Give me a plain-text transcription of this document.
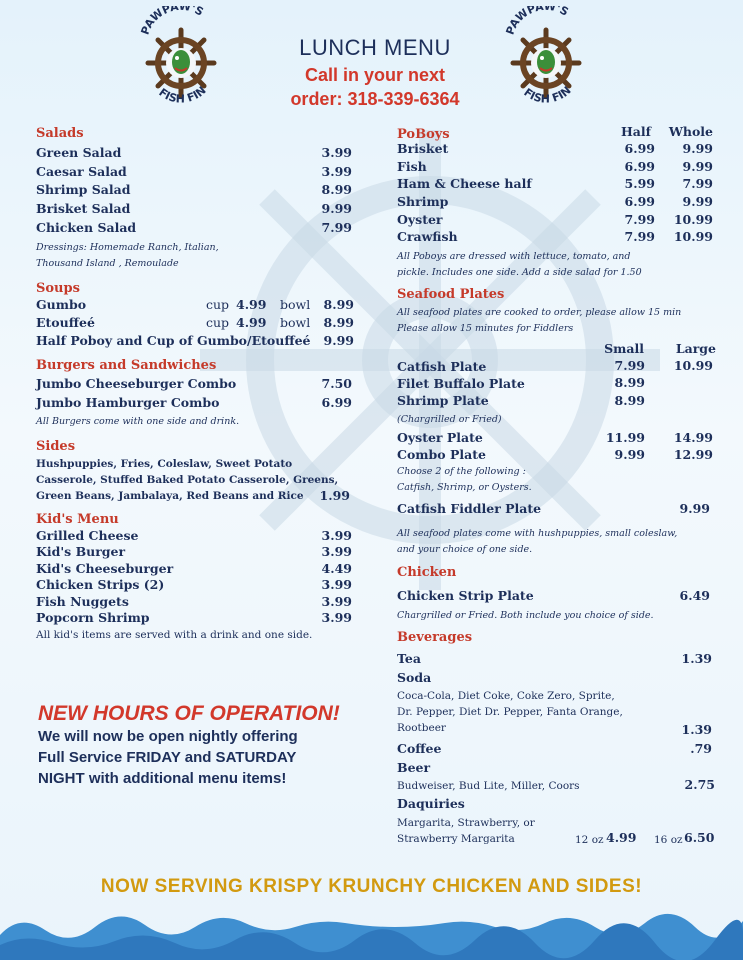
PAWPAW'S
FISH FIN
PAWPAW'S
FISH FIN
LUNCH MENU
Call in your next
order: 318-339-6364
Salads
Green Salad	3.99
Caesar Salad	3.99
Shrimp Salad	8.99
Brisket Salad	9.99
Chicken Salad	7.99
Dressings: Homemade Ranch, Italian,
Thousand Island , Remoulade
Soups
Gumbo	cup 4.99 bowl	8.99
Etouffeé	cup 4.99 bowl	8.99
Half Poboy and Cup of Gumbo/Etouffeé	9.99
Burgers and Sandwiches
Jumbo Cheeseburger Combo	7.50
Jumbo Hamburger Combo	6.99
All Burgers come with one side and drink.
Sides
Hushpuppies, Fries, Coleslaw, Sweet Potato
Casserole, Stuffed Baked Potato Casserole, Greens,
Green Beans, Jambalaya, Red Beans and Rice	1.99
Kid's Menu
Grilled Cheese	3.99
Kid's Burger	3.99
Kid's Cheeseburger	4.49
Chicken Strips (2)	3.99
Fish Nuggets	3.99
Popcorn Shrimp	3.99
All kid's items are served with a drink and one side.
NEW HOURS OF OPERATION!
We will now be open nightly offering
Full Service FRIDAY and SATURDAY
NIGHT with additional menu items!
PoBoys	Half	Whole
Brisket	6.99	9.99
Fish	6.99	9.99
Ham & Cheese half	5.99	7.99
Shrimp	6.99	9.99
Oyster	7.99	10.99
Crawfish	7.99	10.99
All Poboys are dressed with lettuce, tomato, and
pickle. Includes one side. Add a side salad for 1.50
Seafood Plates
All seafood plates are cooked to order, please allow 15 min
Please allow 15 minutes for Fiddlers
Small	Large
Catfish Plate	7.99	10.99
Filet Buffalo Plate	8.99
Shrimp Plate	8.99
(Chargrilled or Fried)
Oyster Plate	11.99	14.99
Combo Plate	9.99	12.99
Choose 2 of the following :
Catfish, Shrimp, or Oysters.
Catfish Fiddler Plate	9.99
All seafood plates come with hushpuppies, small coleslaw,
and your choice of one side.
Chicken
Chicken Strip Plate	6.49
Chargrilled or Fried. Both include you choice of side.
Beverages
Tea	1.39
Soda
Coca-Cola, Diet Coke, Coke Zero, Sprite,
Dr. Pepper, Diet Dr. Pepper, Fanta Orange,
Rootbeer	1.39
Coffee	.79
Beer
Budweiser, Bud Lite, Miller, Coors	2.75
Daquiries
Margarita, Strawberry, or
Strawberry Margarita	12 oz 4.99 16 oz 6.50
NOW SERVING KRISPY KRUNCHY CHICKEN AND SIDES!
